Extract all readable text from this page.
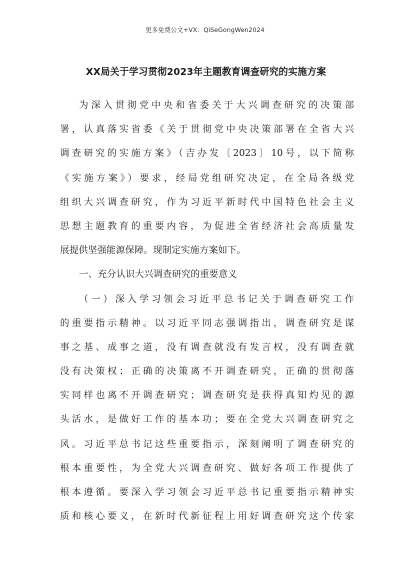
更多免费公文+VX：QiSeGongWen2024
XX局关于学习贯彻2023年主题教育调查研究的实施方案
为深入贯彻党中央和省委关于大兴调查研究的决策部
署，认真落实省委《关于贯彻党中央决策部署在全省大兴
调查研究的实施方案》（吉办发〔2023〕10号，以下简称
《实施方案》）要求，经局党组研究决定，在全局各级党
组织大兴调查研究，作为习近平新时代中国特色社会主义
思想主题教育的重要内容，为促进全省经济社会高质量发
展提供坚强能源保障。现制定实施方案如下。
一、充分认识大兴调查研究的重要意义
（一）深入学习领会习近平总书记关于调查研究工作
的重要指示精神。以习近平同志强调指出，调查研究是谋
事之基、成事之道，没有调查就没有发言权，没有调查就
没有决策权；正确的决策离不开调查研究，正确的贯彻落
实同样也离不开调查研究；调查研究是获得真知灼见的源
头活水，是做好工作的基本功；要在全党大兴调查研究之
风。习近平总书记这些重要指示，深刻阐明了调查研究的
根本重要性，为全党大兴调查研究、做好各项工作提供了
根本遵循。要深入学习领会习近平总书记重要指示精神实
质和核心要义，在新时代新征程上用好调查研究这个传家
